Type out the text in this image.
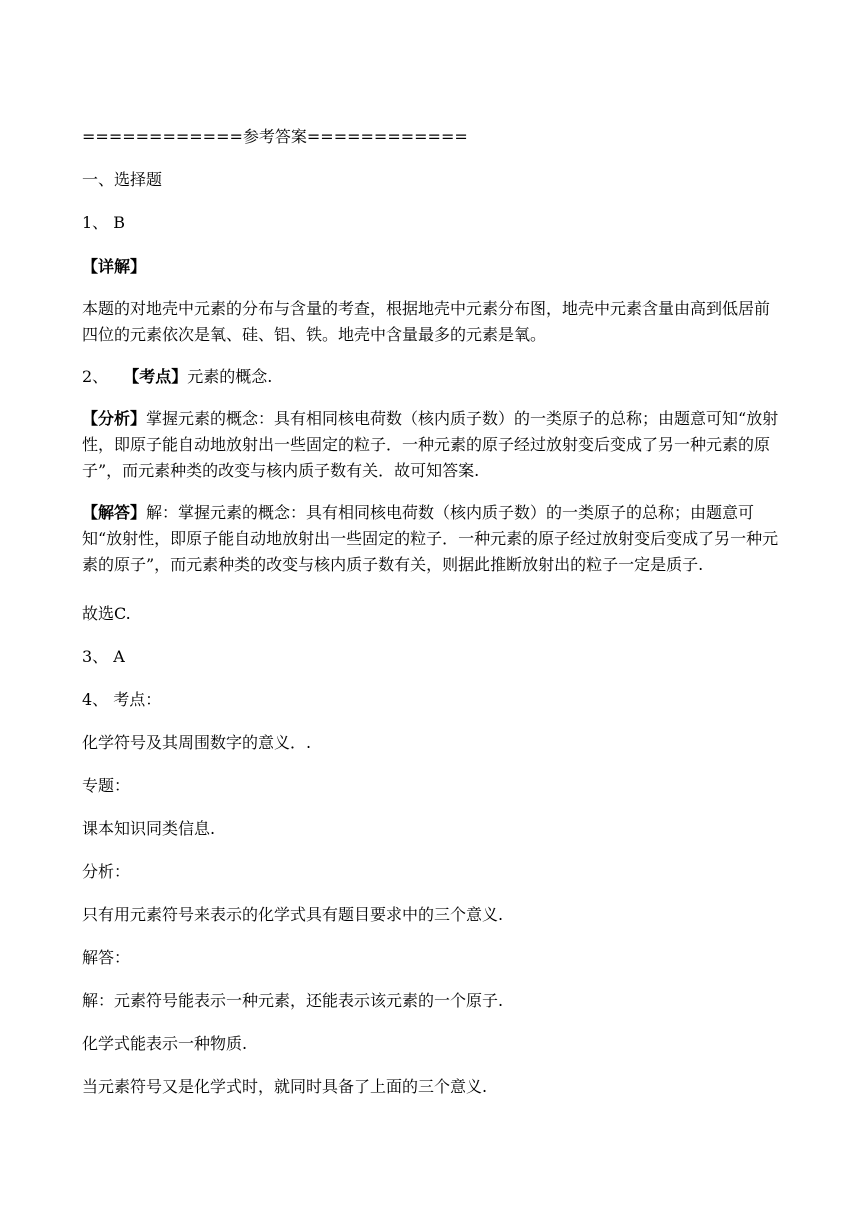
============参考答案============
一、选择题
1、 B
【详解】
本题的对地壳中元素的分布与含量的考查，根据地壳中元素分布图，地壳中元素含量由高到低居前四位的元素依次是氧、硅、铝、铁。地壳中含量最多的元素是氧。
2、 【考点】元素的概念.
【分析】掌握元素的概念：具有相同核电荷数（核内质子数）的一类原子的总称；由题意可知“放射性，即原子能自动地放射出一些固定的粒子．一种元素的原子经过放射变后变成了另一种元素的原子”，而元素种类的改变与核内质子数有关．故可知答案.
【解答】解：掌握元素的概念：具有相同核电荷数（核内质子数）的一类原子的总称；由题意可知“放射性，即原子能自动地放射出一些固定的粒子．一种元素的原子经过放射变后变成了另一种元素的原子”，而元素种类的改变与核内质子数有关，则据此推断放射出的粒子一定是质子.
故选C.
3、 A
4、 考点：
化学符号及其周围数字的意义．.
专题：
课本知识同类信息.
分析：
只有用元素符号来表示的化学式具有题目要求中的三个意义.
解答：
解：元素符号能表示一种元素，还能表示该元素的一个原子.
化学式能表示一种物质.
当元素符号又是化学式时，就同时具备了上面的三个意义.
